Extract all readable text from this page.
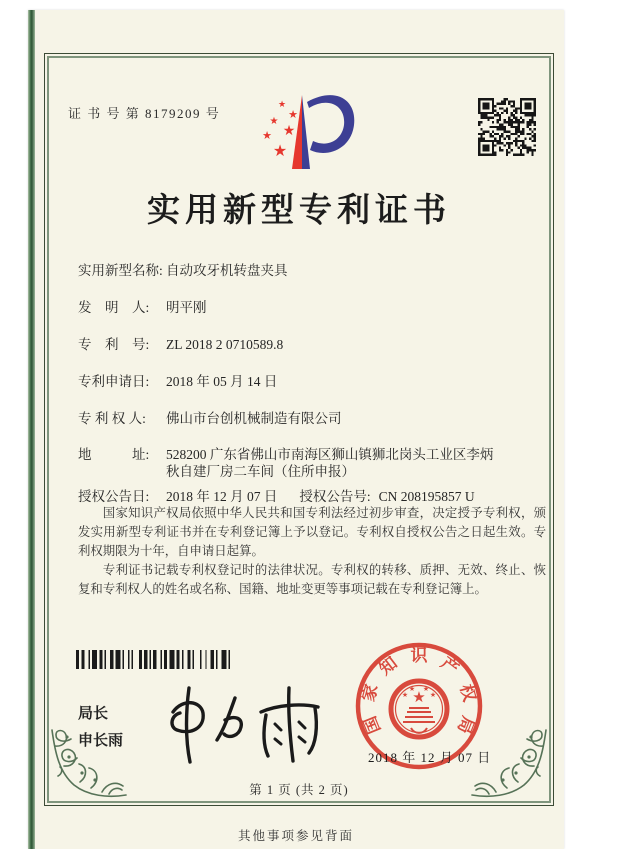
证 书 号 第 8179209 号
★
★
★
★
★
★
实用新型专利证书
实用新型名称: 自动攻牙机转盘夹具
发　明　人:	明平刚
专　利　号:	ZL 2018 2 0710589.8
专利申请日:	2018 年 05 月 14 日
专 利 权 人:	佛山市台创机械制造有限公司
地　　　址:	528200 广东省佛山市南海区狮山镇狮北岗头工业区李炳秋自建厂房二车间（住所申报）
授权公告日:	2018 年 12 月 07 日 授权公告号: CN 208195857 U

国家知识产权局依照中华人民共和国专利法经过初步审查，决定授予专利权，颁发实用新型专利证书并在专利登记簿上予以登记。专利权自授权公告之日起生效。专利权期限为十年，自申请日起算。

专利证书记载专利权登记时的法律状况。专利权的转移、质押、无效、终止、恢复和专利权人的姓名或名称、国籍、地址变更等事项记载在专利登记簿上。

局长
申长雨
国
家
知 识 产
权
局
★
★
★ ★
★
2018 年 12 月 07 日
第 1 页 (共 2 页)
其他事项参见背面
